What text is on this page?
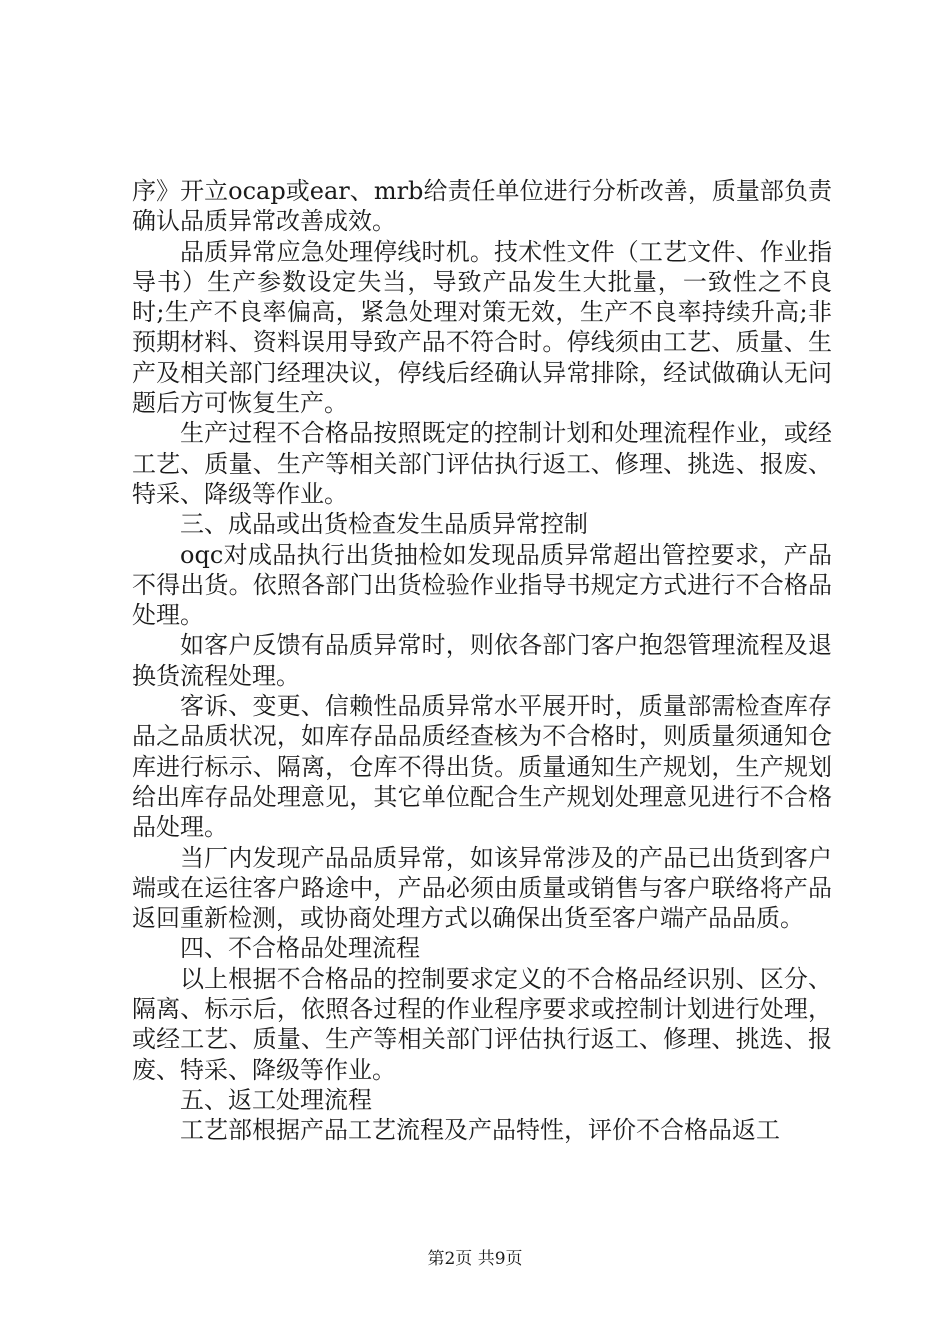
序》开立ocap或ear、mrb给责任单位进行分析改善，质量部负责确认品质异常改善成效。

品质异常应急处理停线时机。技术性文件（工艺文件、作业指导书）生产参数设定失当，导致产品发生大批量，一致性之不良时;生产不良率偏高，紧急处理对策无效，生产不良率持续升高;非预期材料、资料误用导致产品不符合时。停线须由工艺、质量、生产及相关部门经理决议，停线后经确认异常排除，经试做确认无问题后方可恢复生产。

生产过程不合格品按照既定的控制计划和处理流程作业，或经工艺、质量、生产等相关部门评估执行返工、修理、挑选、报废、特采、降级等作业。

三、成品或出货检查发生品质异常控制

oqc对成品执行出货抽检如发现品质异常超出管控要求，产品不得出货。依照各部门出货检验作业指导书规定方式进行不合格品处理。

如客户反馈有品质异常时，则依各部门客户抱怨管理流程及退换货流程处理。

客诉、变更、信赖性品质异常水平展开时，质量部需检查库存品之品质状况，如库存品品质经查核为不合格时，则质量须通知仓库进行标示、隔离，仓库不得出货。质量通知生产规划，生产规划给出库存品处理意见，其它单位配合生产规划处理意见进行不合格品处理。

当厂内发现产品品质异常，如该异常涉及的产品已出货到客户端或在运往客户路途中，产品必须由质量或销售与客户联络将产品返回重新检测，或协商处理方式以确保出货至客户端产品品质。

四、不合格品处理流程

以上根据不合格品的控制要求定义的不合格品经识别、区分、隔离、标示后，依照各过程的作业程序要求或控制计划进行处理，或经工艺、质量、生产等相关部门评估执行返工、修理、挑选、报废、特采、降级等作业。

五、返工处理流程

工艺部根据产品工艺流程及产品特性，评价不合格品返工

第2页 共9页
